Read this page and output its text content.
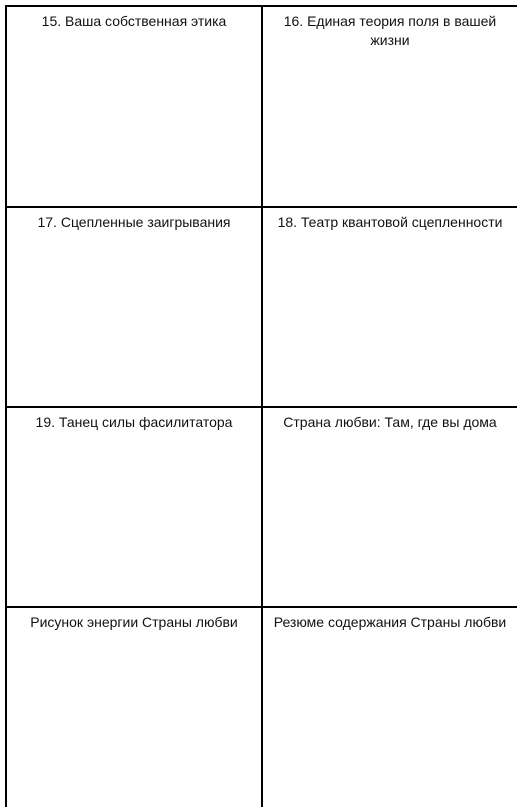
15. Ваша собственная этика	16. Единая теория поля в вашей жизни
17. Сцепленные заигрывания	18. Театр квантовой сцепленности
19. Танец силы фасилитатора	Страна любви: Там, где вы дома
Рисунок энергии Страны любви	Резюме содержания Страны любви
